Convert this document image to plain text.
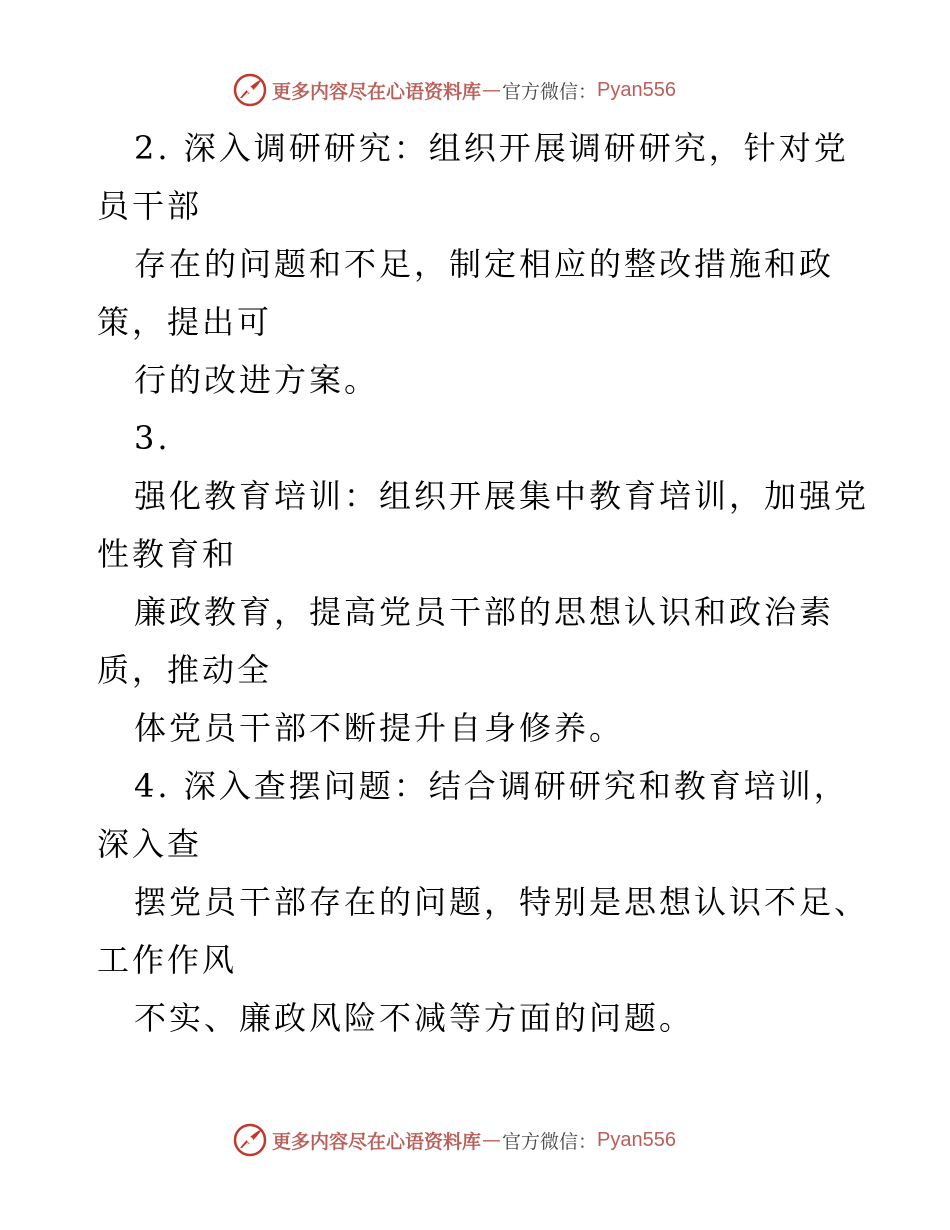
更多内容尽在心语资料库 — 官方微信： Pyan556
2. 深入调研研究：组织开展调研研究，针对党
员干部
存在的问题和不足，制定相应的整改措施和政
策，提出可
行的改进方案。
3.
强化教育培训：组织开展集中教育培训，加强党
性教育和
廉政教育，提高党员干部的思想认识和政治素
质，推动全
体党员干部不断提升自身修养。
4. 深入查摆问题：结合调研研究和教育培训，
深入查
摆党员干部存在的问题，特别是思想认识不足、
工作作风
不实、廉政风险不减等方面的问题。
更多内容尽在心语资料库 — 官方微信： Pyan556
